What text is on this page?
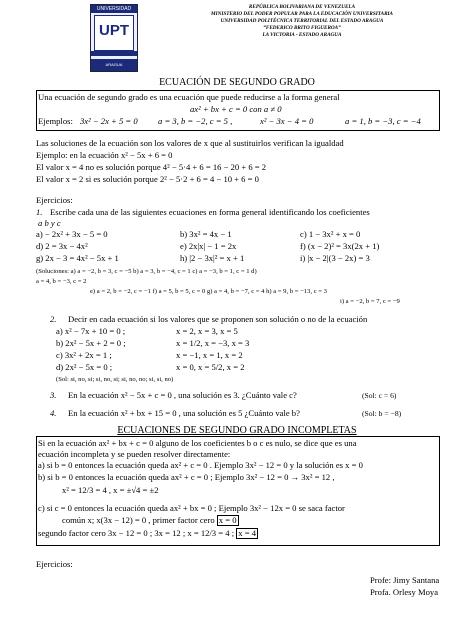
UNIVERSIDAD
UPT
ARAGUA
REPÚBLICA BOLIVARIANA DE VENEZUELA
MINISTERIO DEL PODER POPULAR PARA LA EDUCACIÓN UNIVERSITARIA
UNIVERSIDAD POLITÉCNICA TERRITORIAL DEL ESTADO ARAGUA
“FEDERICO BRITO FIGUEROA”
LA VICTORIA - ESTADO ARAGUA
ECUACIÓN DE SEGUNDO GRADO
Una ecuación de segundo grado es una ecuación que puede reducirse a la forma general
ax² + bx + c = 0 con a ≠ 0
Ejemplos: 3x² − 2x + 5 = 0 a = 3, b = −2, c = 5 ,	x² − 3x − 4 = 0	a = 1, b = −3, c = −4
Las soluciones de la ecuación son los valores de x que al sustituirlos verifican la igualdad
Ejemplo: en la ecuación x² − 5x + 6 = 0
El valor x = 4 no es solución porque 4² − 5·4 + 6 = 16 − 20 + 6 = 2
El valor x = 2 si es solución porque 2² − 5·2 + 6 = 4 − 10 + 6 = 0
Ejercicios:
1. Escribe cada una de las siguientes ecuaciones en forma general identificando los coeficientes
a b y c
a) − 2x² + 3x − 5 = 0	b) 3x² = 4x − 1	c) 1 − 3x² + x = 0
d) 2 = 3x − 4x²	e) 2x|x| − 1 = 2x	f) (x − 2)² = 3x(2x + 1)
g) 2x − 3 = 4x² − 5x + 1	h) |2 − 3x|² = x + 1	i) |x − 2|(3 − 2x) = 3
(Soluciones: a) a = −2, b = 3, c = −5 b) a = 3, b = −4, c = 1 c) a = −3, b = 1, c = 1 d)
a = 4, b = −3, c = 2
e) a = 2, b = −2, c = −1 f) a = 5, b = 5, c = 0 g) a = 4, b = −7, c = 4 h) a = 9, b = −13, c = 3
i) a = −2, b = 7, c = −9
2. Decir en cada ecuación si los valores que se proponen son solución o no de la ecuación
a) x² − 7x + 10 = 0 ;	x = 2, x = 3, x = 5
b) 2x² − 5x + 2 = 0 ;	x = 1/2, x = −3, x = 3
c) 3x² + 2x = 1 ;	x = −1, x = 1, x = 2
d) 2x² − 5x = 0 ;	x = 0, x = 5/2, x = 2
(Sol: si, no, si; si, no, si; si, no, no; si, si, no)
3. En la ecuación x² − 5x + c = 0 , una solución es 3. ¿Cuánto vale c?	(Sol: c = 6)
4. En la ecuación x² + bx + 15 = 0 , una solución es 5 ¿Cuánto vale b?	(Sol: b = −8)
ECUACIONES DE SEGUNDO GRADO INCOMPLETAS
Si en la ecuación ax² + bx + c = 0 alguno de los coeficientes b o c es nulo, se dice que es una
ecuación incompleta y se pueden resolver directamente:
a) si b = 0 entonces la ecuación queda ax² + c = 0 . Ejemplo 3x² − 12 = 0 y la solución es x = 0
b) si b = 0 entonces la ecuación queda ax² + c = 0 ; Ejemplo 3x² − 12 = 0 → 3x² = 12 ,
x² = 12/3 = 4 , x = ±√4 = ±2
c) si c = 0 entonces la ecuación queda ax² + bx = 0 ; Ejemplo 3x² − 12x = 0 se saca factor
común x; x(3x − 12) = 0 , primer factor cero x = 0
segundo factor cero 3x − 12 = 0 ; 3x = 12 ; x = 12/3 = 4 ; x = 4
Ejercicios:
Profe: Jimy Santana
Profa. Orlesy Moya
